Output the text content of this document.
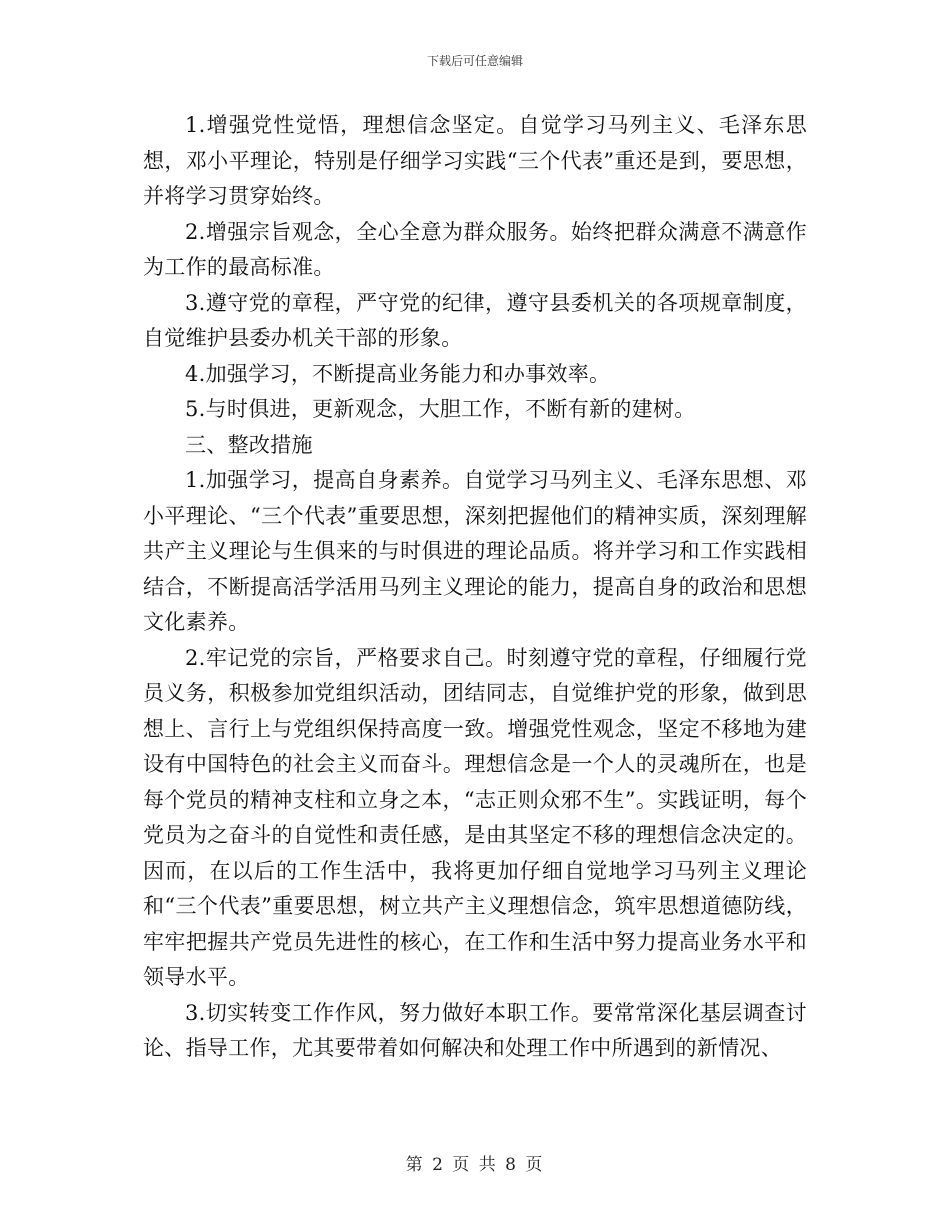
下载后可任意编辑

1.增强党性觉悟，理想信念坚定。自觉学习马列主义、毛泽东思想，邓小平理论，特别是仔细学习实践“三个代表”重还是到，要思想，并将学习贯穿始终。

2.增强宗旨观念，全心全意为群众服务。始终把群众满意不满意作为工作的最高标准。

3.遵守党的章程，严守党的纪律，遵守县委机关的各项规章制度，自觉维护县委办机关干部的形象。

4.加强学习，不断提高业务能力和办事效率。

5.与时俱进，更新观念，大胆工作，不断有新的建树。

三、整改措施

1.加强学习，提高自身素养。自觉学习马列主义、毛泽东思想、邓小平理论、“三个代表”重要思想，深刻把握他们的精神实质，深刻理解共产主义理论与生俱来的与时俱进的理论品质。将并学习和工作实践相结合，不断提高活学活用马列主义理论的能力，提高自身的政治和思想文化素养。

2.牢记党的宗旨，严格要求自己。时刻遵守党的章程，仔细履行党员义务，积极参加党组织活动，团结同志，自觉维护党的形象，做到思想上、言行上与党组织保持高度一致。增强党性观念，坚定不移地为建设有中国特色的社会主义而奋斗。理想信念是一个人的灵魂所在，也是每个党员的精神支柱和立身之本，“志正则众邪不生”。实践证明，每个党员为之奋斗的自觉性和责任感，是由其坚定不移的理想信念决定的。因而，在以后的工作生活中，我将更加仔细自觉地学习马列主义理论和“三个代表”重要思想，树立共产主义理想信念，筑牢思想道德防线，牢牢把握共产党员先进性的核心，在工作和生活中努力提高业务水平和领导水平。

3.切实转变工作作风，努力做好本职工作。要常常深化基层调查讨论、指导工作，尤其要带着如何解决和处理工作中所遇到的新情况、

第 2 页 共 8 页
